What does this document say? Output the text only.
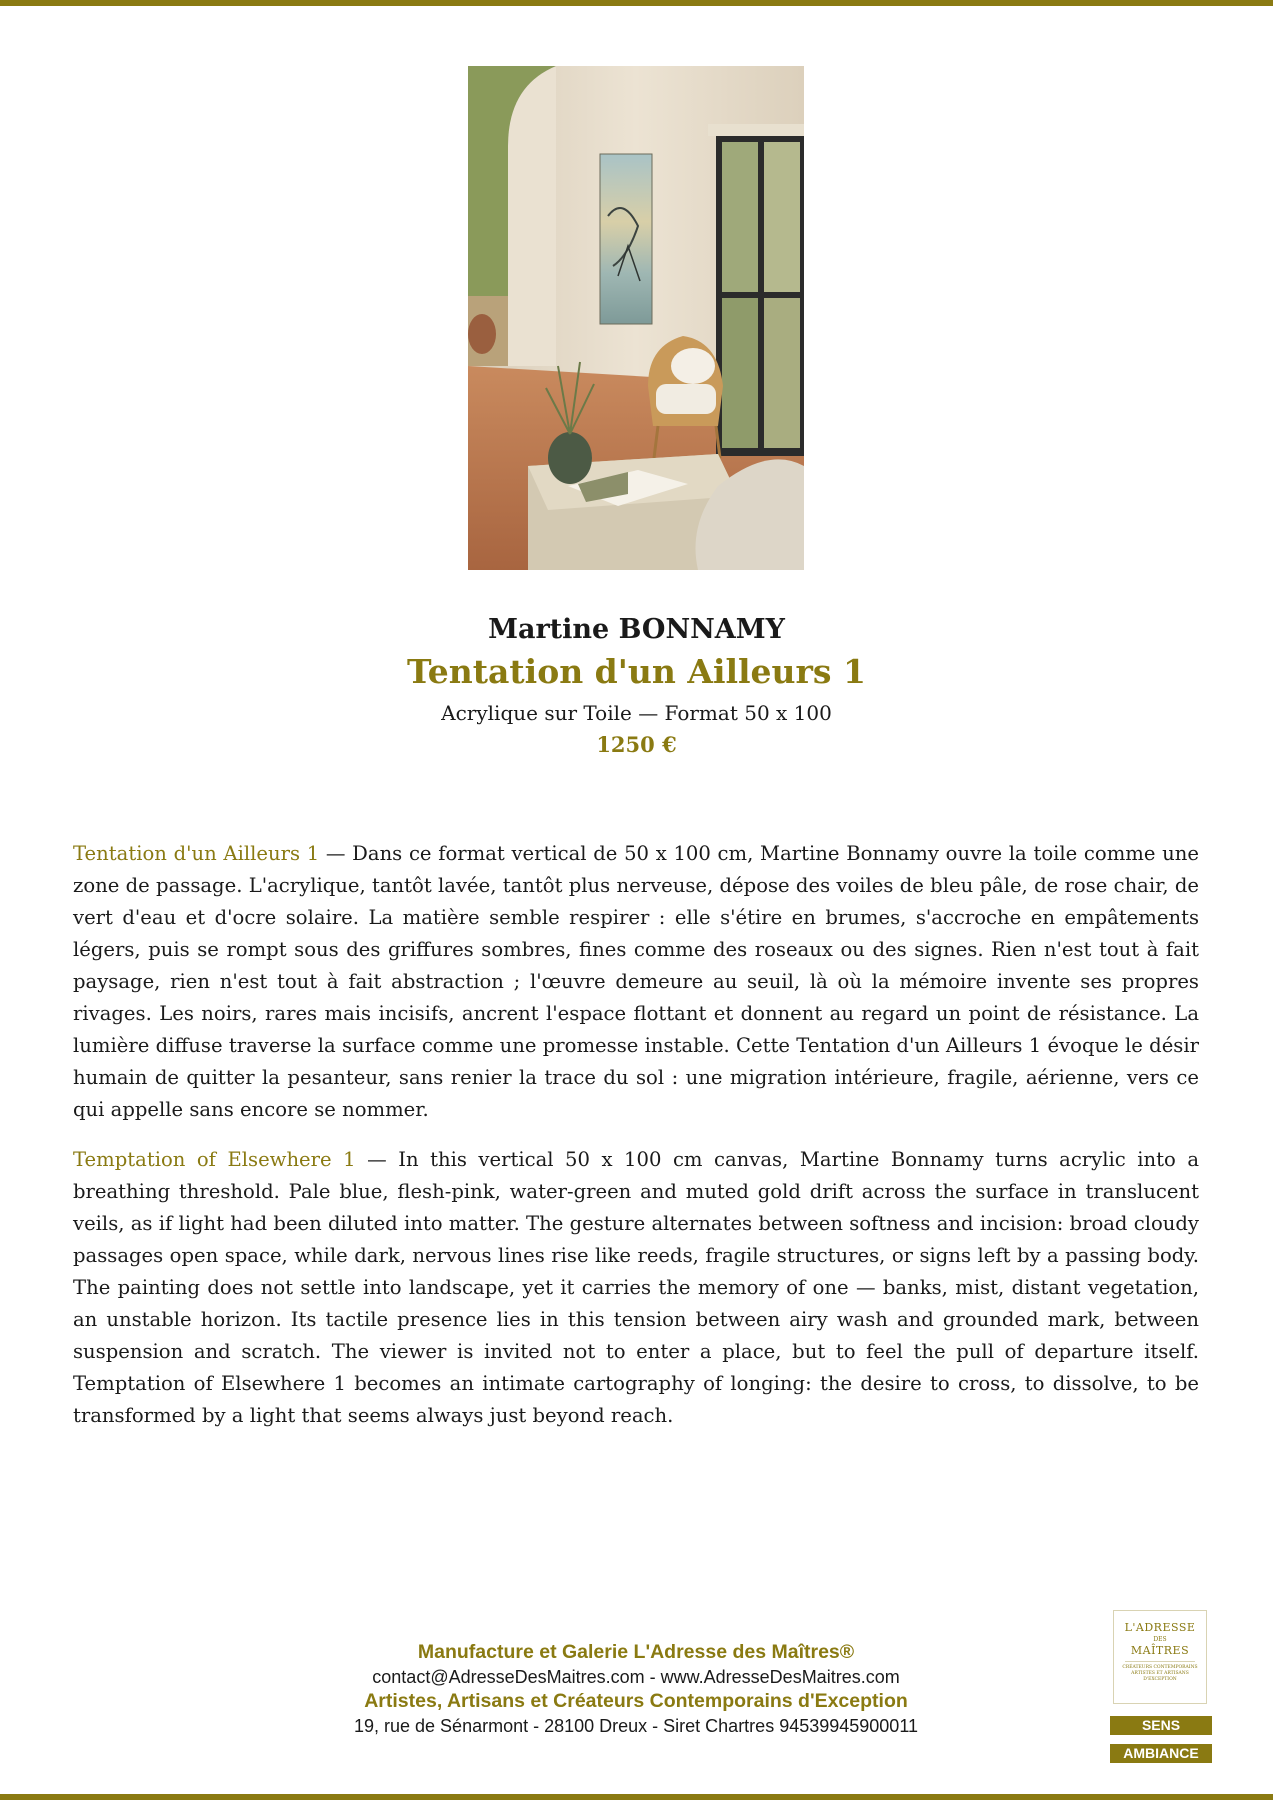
Martine BONNAMY
Tentation d'un Ailleurs 1
Acrylique sur Toile — Format 50 x 100
1250 €

Tentation d'un Ailleurs 1 — Dans ce format vertical de 50 x 100 cm, Martine Bonnamy ouvre la toile comme une zone de passage. L'acrylique, tantôt lavée, tantôt plus nerveuse, dépose des voiles de bleu pâle, de rose chair, de vert d'eau et d'ocre solaire. La matière semble respirer : elle s'étire en brumes, s'accroche en empâtements légers, puis se rompt sous des griffures sombres, fines comme des roseaux ou des signes. Rien n'est tout à fait paysage, rien n'est tout à fait abstraction ; l'œuvre demeure au seuil, là où la mémoire invente ses propres rivages. Les noirs, rares mais incisifs, ancrent l'espace flottant et donnent au regard un point de résistance. La lumière diffuse traverse la surface comme une promesse instable. Cette Tentation d'un Ailleurs 1 évoque le désir humain de quitter la pesanteur, sans renier la trace du sol : une migration intérieure, fragile, aérienne, vers ce qui appelle sans encore se nommer.

Temptation of Elsewhere 1 — In this vertical 50 x 100 cm canvas, Martine Bonnamy turns acrylic into a breathing threshold. Pale blue, flesh-pink, water-green and muted gold drift across the surface in translucent veils, as if light had been diluted into matter. The gesture alternates between softness and incision: broad cloudy passages open space, while dark, nervous lines rise like reeds, fragile structures, or signs left by a passing body. The painting does not settle into landscape, yet it carries the memory of one — banks, mist, distant vegetation, an unstable horizon. Its tactile presence lies in this tension between airy wash and grounded mark, between suspension and scratch. The viewer is invited not to enter a place, but to feel the pull of departure itself. Temptation of Elsewhere 1 becomes an intimate cartography of longing: the desire to cross, to dissolve, to be transformed by a light that seems always just beyond reach.

Manufacture et Galerie L'Adresse des Maîtres®
contact@AdresseDesMaitres.com - www.AdresseDesMaitres.com
Artistes, Artisans et Créateurs Contemporains d'Exception
19, rue de Sénarmont - 28100 Dreux - Siret Chartres 94539945900011
L'ADRESSE
DES
MAÎTRES
CRÉATEURS CONTEMPORAINS ARTISTES ET ARTISANS D'EXCEPTION
SENS
AMBIANCE
